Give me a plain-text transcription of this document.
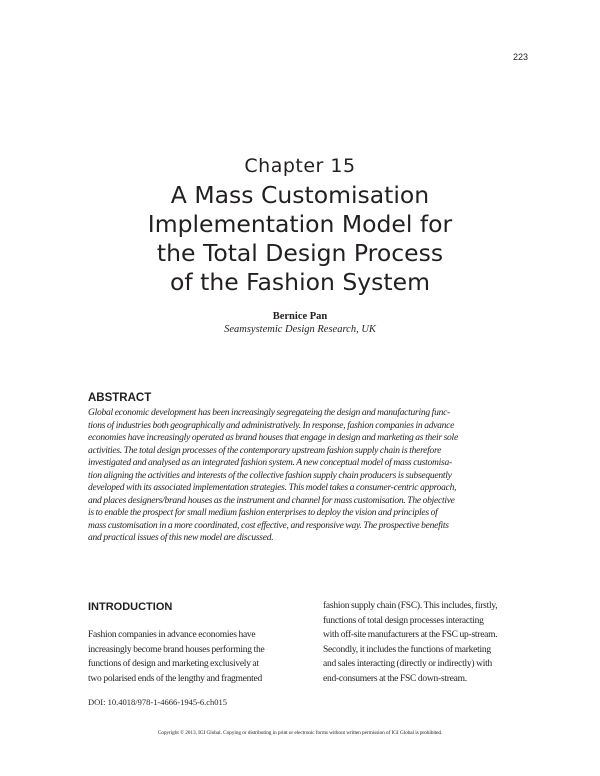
223
Chapter 15
A Mass Customisation
Implementation Model for
the Total Design Process
of the Fashion System
Bernice Pan
Seamsystemic Design Research, UK
ABSTRACT
Global economic development has been increasingly segregateing the design and manufacturing func-
tions of industries both geographically and administratively. In response, fashion companies in advance
economies have increasingly operated as brand houses that engage in design and marketing as their sole
activities. The total design processes of the contemporary upstream fashion supply chain is therefore
investigated and analysed as an integrated fashion system. A new conceptual model of mass customisa-
tion aligning the activities and interests of the collective fashion supply chain producers is subsequently
developed with its associated implementation strategies. This model takes a consumer-centric approach,
and places designers/brand houses as the instrument and channel for mass customisation. The objective
is to enable the prospect for small medium fashion enterprises to deploy the vision and principles of
mass customisation in a more coordinated, cost effective, and responsive way. The prospective benefits
and practical issues of this new model are discussed.
INTRODUCTION
Fashion companies in advance economies have
increasingly become brand houses performing the
functions of design and marketing exclusively at
two polarised ends of the lengthy and fragmented
fashion supply chain (FSC). This includes, firstly,
functions of total design processes interacting
with off-site manufacturers at the FSC up-stream.
Secondly, it includes the functions of marketing
and sales interacting (directly or indirectly) with
end-consumers at the FSC down-stream.
DOI: 10.4018/978-1-4666-1945-6.ch015
Copyright © 2013, IGI Global. Copying or distributing in print or electronic forms without written permission of IGI Global is prohibited.
